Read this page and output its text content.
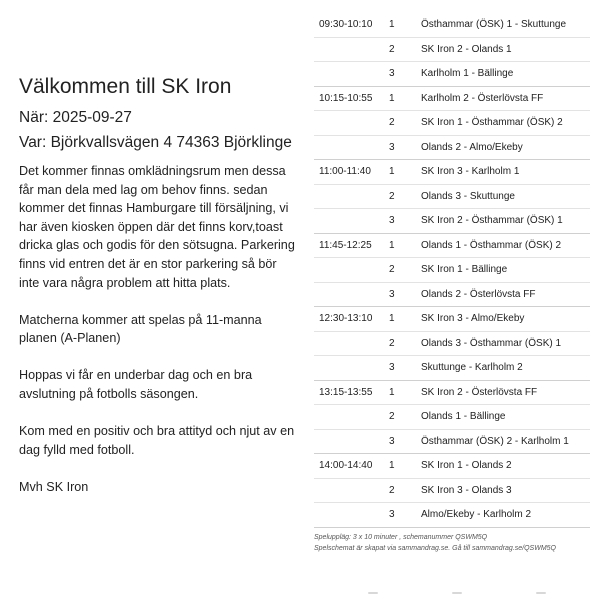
Välkommen till SK Iron
När: 2025-09-27
Var: Björkvallsvägen 4 74363 Björklinge

Det kommer finnas omklädningsrum men dessa får man dela med lag om behov finns. sedan kommer det finnas Hamburgare till försäljning, vi har även kiosken öppen där det finns korv,toast dricka glas och godis för den sötsugna. Parkering finns vid entren det är en stor parkering så bör inte vara några problem att hitta plats.

Matcherna kommer att spelas på 11-manna planen (A-Planen)

Hoppas vi får en underbar dag och en bra avslutning på fotbolls säsongen.

Kom med en positiv och bra attityd och njut av en dag fylld med fotboll.

Mvh SK Iron

09:30-10:10	1	Östhammar (ÖSK) 1 - Skuttunge
	2	SK Iron 2 - Olands 1
	3	Karlholm 1 - Bällinge
10:15-10:55	1	Karlholm 2 - Österlövsta FF
	2	SK Iron 1 - Östhammar (ÖSK) 2
	3	Olands 2 - Almo/Ekeby
11:00-11:40	1	SK Iron 3 - Karlholm 1
	2	Olands 3 - Skuttunge
	3	SK Iron 2 - Östhammar (ÖSK) 1
11:45-12:25	1	Olands 1 - Östhammar (ÖSK) 2
	2	SK Iron 1 - Bällinge
	3	Olands 2 - Österlövsta FF
12:30-13:10	1	SK Iron 3 - Almo/Ekeby
	2	Olands 3 - Östhammar (ÖSK) 1
	3	Skuttunge - Karlholm 2
13:15-13:55	1	SK Iron 2 - Österlövsta FF
	2	Olands 1 - Bällinge
	3	Östhammar (ÖSK) 2 - Karlholm 1
14:00-14:40	1	SK Iron 1 - Olands 2
	2	SK Iron 3 - Olands 3
	3	Almo/Ekeby - Karlholm 2
Speluppläg: 3 x 10 minuter , schemanummer QSWM5Q
Spelschemat är skapat via sammandrag.se. Gå till sammandrag.se/QSWM5Q
